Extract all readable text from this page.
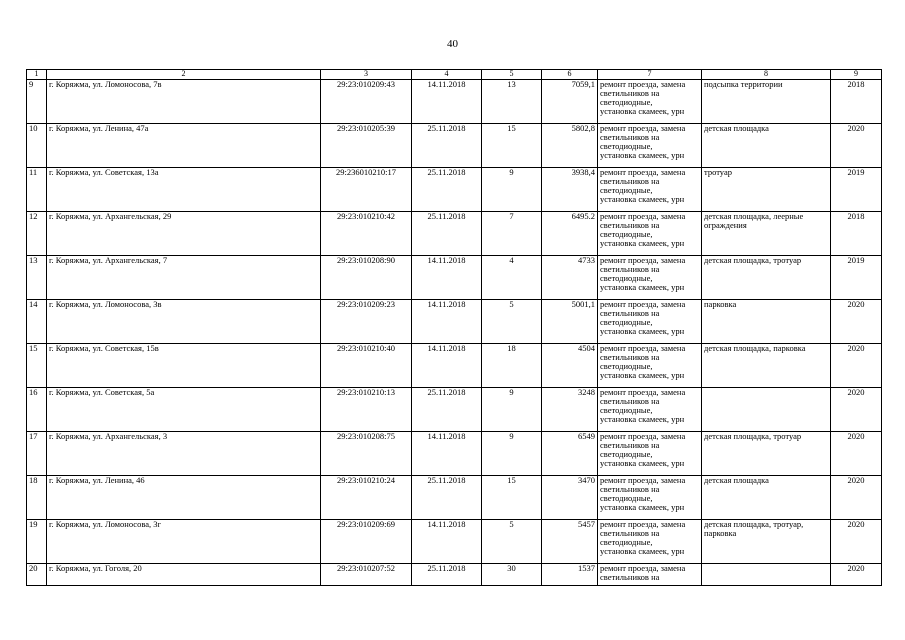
40
1	2	3	4	5	6	7	8	9
9	г. Коряжма, ул. Ломоносова, 7в	29:23:010209:43	14.11.2018	13	7059,1	ремонт проезда, замена
светильников на
светодиодные,
установка скамеек, урн	подсыпка территории	2018
10	г. Коряжма, ул. Ленина, 47а	29:23:010205:39	25.11.2018	15	5802,8	ремонт проезда, замена
светильников на
светодиодные,
установка скамеек, урн	детская площадка	2020
11	г. Коряжма, ул. Советская, 13а	29:236010210:17	25.11.2018	9	3938,4	ремонт проезда, замена
светильников на
светодиодные,
установка скамеек, урн	тротуар	2019
12	г. Коряжма, ул. Архангельская, 29	29:23:010210:42	25.11.2018	7	6495.2	ремонт проезда, замена
светильников на
светодиодные,
установка скамеек, урн	детская площадка, леерные ограждения	2018
13	г. Коряжма, ул. Архангельская, 7	29:23:010208:90	14.11.2018	4	4733	ремонт проезда, замена
светильников на
светодиодные,
установка скамеек, урн	детская площадка, тротуар	2019
14	г. Коряжма, ул. Ломоносова, 3в	29:23:010209:23	14.11.2018	5	5001,1	ремонт проезда, замена
светильников на
светодиодные,
установка скамеек, урн	парковка	2020
15	г. Коряжма, ул. Советская, 15в	29:23:010210:40	14.11.2018	18	4504	ремонт проезда, замена
светильников на
светодиодные,
установка скамеек, урн	детская площадка, парковка	2020
16	г. Коряжма, ул. Советская, 5а	29:23:010210:13	25.11.2018	9	3248	ремонт проезда, замена
светильников на
светодиодные,
установка скамеек, урн		2020
17	г. Коряжма, ул. Архангельская, 3	29:23:010208:75	14.11.2018	9	6549	ремонт проезда, замена
светильников на
светодиодные,
установка скамеек, урн	детская площадка, тротуар	2020
18	г. Коряжма, ул. Ленина, 46	29:23:010210:24	25.11.2018	15	3470	ремонт проезда, замена
светильников на
светодиодные,
установка скамеек, урн	детская площадка	2020
19	г. Коряжма, ул. Ломоносова, 3г	29:23:010209:69	14.11.2018	5	5457	ремонт проезда, замена
светильников на
светодиодные,
установка скамеек, урн	детская площадка, тротуар, парковка	2020
20	г. Коряжма, ул. Гоголя, 20	29:23:010207:52	25.11.2018	30	1537	ремонт проезда, замена
светильников на		2020
